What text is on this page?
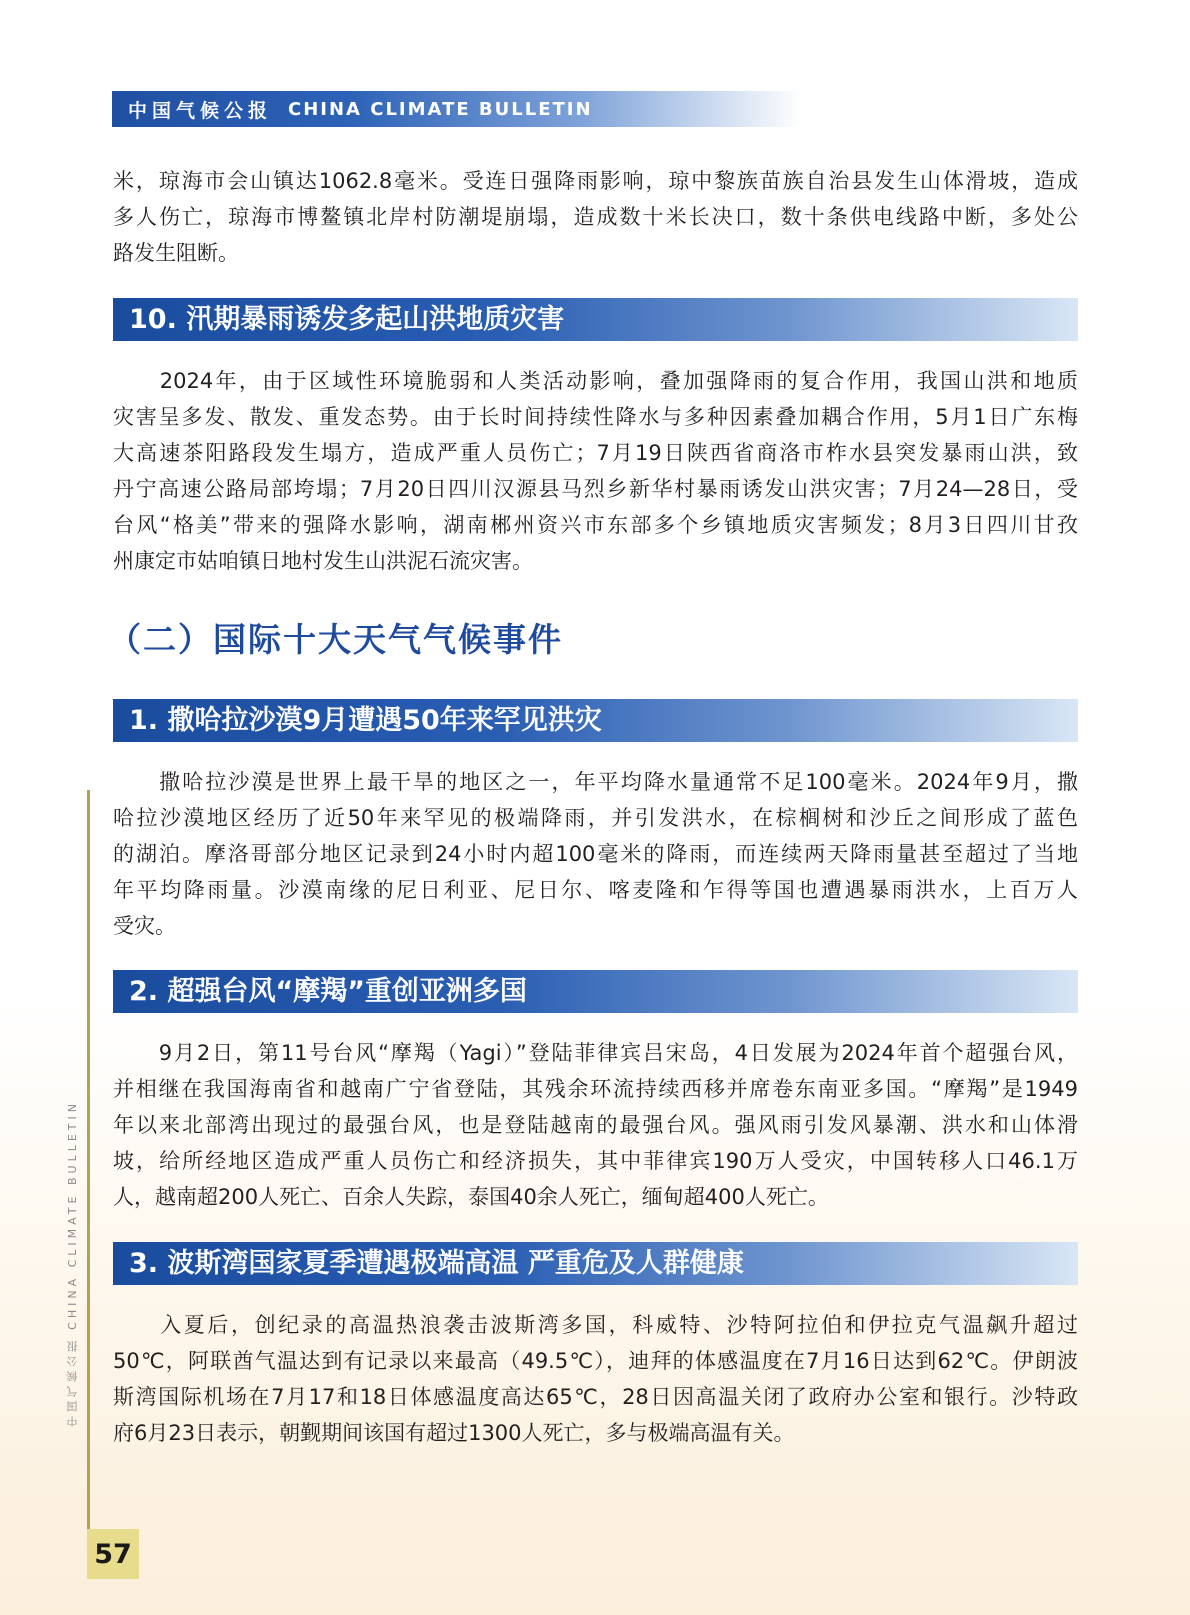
中国气候公报 CHINA CLIMATE BULLETIN
中国气候公报 CHINA CLIMATE BULLETIN
57
米，琼海市会山镇达1062.8毫米。受连日强降雨影响，琼中黎族苗族自治县发生山体滑坡，造成
多人伤亡，琼海市博鳌镇北岸村防潮堤崩塌，造成数十米长决口，数十条供电线路中断，多处公
路发生阻断。
10. 汛期暴雨诱发多起山洪地质灾害
　　2024年，由于区域性环境脆弱和人类活动影响，叠加强降雨的复合作用，我国山洪和地质
灾害呈多发、散发、重发态势。由于长时间持续性降水与多种因素叠加耦合作用，5月1日广东梅
大高速茶阳路段发生塌方，造成严重人员伤亡；7月19日陕西省商洛市柞水县突发暴雨山洪，致
丹宁高速公路局部垮塌；7月20日四川汉源县马烈乡新华村暴雨诱发山洪灾害；7月24—28日，受
台风“格美”带来的强降水影响，湖南郴州资兴市东部多个乡镇地质灾害频发；8月3日四川甘孜
州康定市姑咱镇日地村发生山洪泥石流灾害。
（二）国际十大天气气候事件
1. 撒哈拉沙漠9月遭遇50年来罕见洪灾
　　撒哈拉沙漠是世界上最干旱的地区之一，年平均降水量通常不足100毫米。2024年9月，撒
哈拉沙漠地区经历了近50年来罕见的极端降雨，并引发洪水，在棕榈树和沙丘之间形成了蓝色
的湖泊。摩洛哥部分地区记录到24小时内超100毫米的降雨，而连续两天降雨量甚至超过了当地
年平均降雨量。沙漠南缘的尼日利亚、尼日尔、喀麦隆和乍得等国也遭遇暴雨洪水，上百万人
受灾。
2. 超强台风“摩羯”重创亚洲多国
　　9月2日，第11号台风“摩羯（Yagi）”登陆菲律宾吕宋岛，4日发展为2024年首个超强台风，
并相继在我国海南省和越南广宁省登陆，其残余环流持续西移并席卷东南亚多国。“摩羯”是1949
年以来北部湾出现过的最强台风，也是登陆越南的最强台风。强风雨引发风暴潮、洪水和山体滑
坡，给所经地区造成严重人员伤亡和经济损失，其中菲律宾190万人受灾，中国转移人口46.1万
人，越南超200人死亡、百余人失踪，泰国40余人死亡，缅甸超400人死亡。
3. 波斯湾国家夏季遭遇极端高温 严重危及人群健康
　　入夏后，创纪录的高温热浪袭击波斯湾多国，科威特、沙特阿拉伯和伊拉克气温飙升超过
50℃，阿联酋气温达到有记录以来最高（49.5℃），迪拜的体感温度在7月16日达到62℃。伊朗波
斯湾国际机场在7月17和18日体感温度高达65℃，28日因高温关闭了政府办公室和银行。沙特政
府6月23日表示，朝觐期间该国有超过1300人死亡，多与极端高温有关。
